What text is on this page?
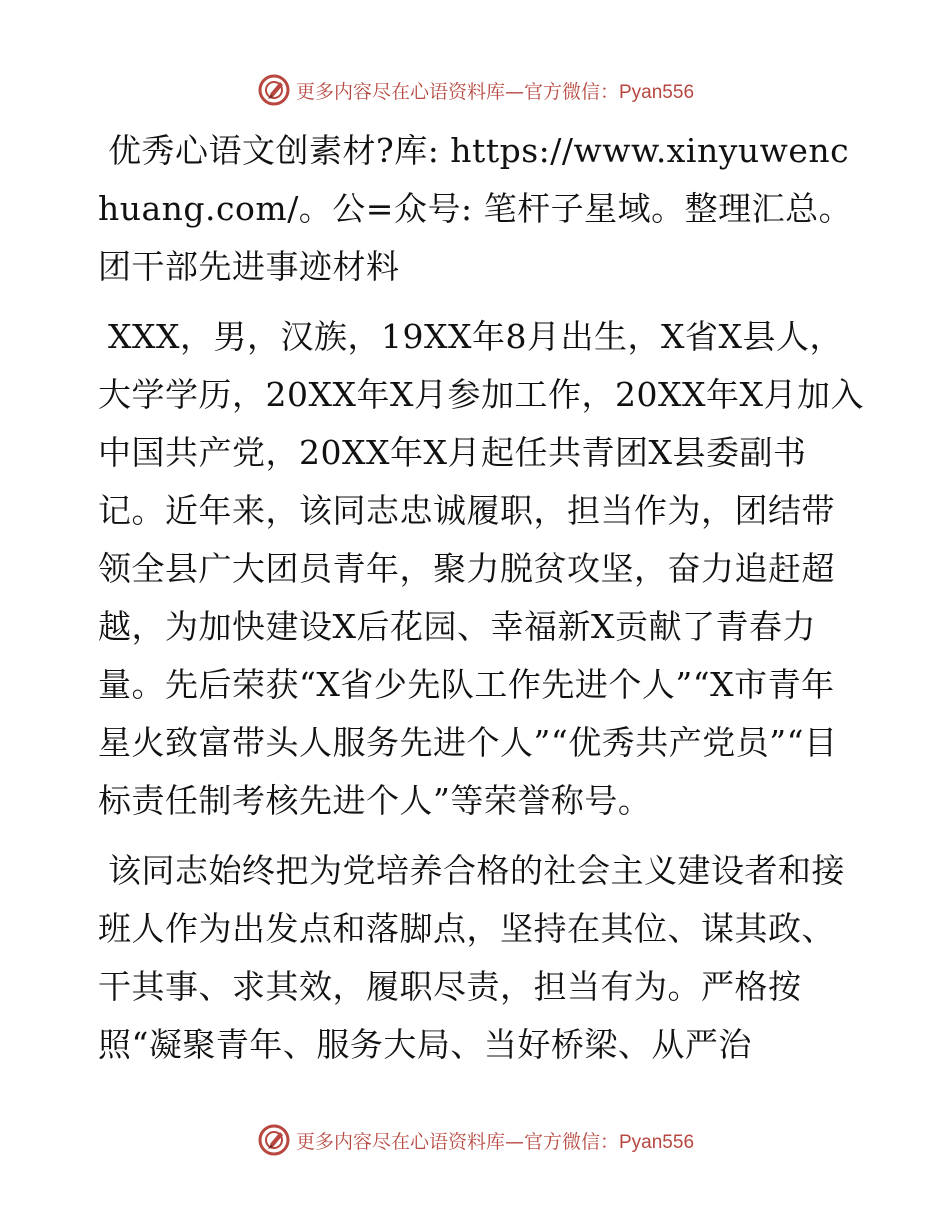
更多内容尽在心语资料库—官方微信：Pyan556

优秀心语文创素材?库: https://www.xinyuwenchuang.com/。公=众号: 笔杆子星域。整理汇总。团干部先进事迹材料

XXX，男，汉族，19XX年8月出生，X省X县人，大学学历，20XX年X月参加工作，20XX年X月加入中国共产党，20XX年X月起任共青团X县委副书记。近年来，该同志忠诚履职，担当作为，团结带领全县广大团员青年，聚力脱贫攻坚，奋力追赶超越，为加快建设X后花园、幸福新X贡献了青春力量。先后荣获“X省少先队工作先进个人”“X市青年星火致富带头人服务先进个人”“优秀共产党员”“目标责任制考核先进个人”等荣誉称号。

该同志始终把为党培养合格的社会主义建设者和接班人作为出发点和落脚点，坚持在其位、谋其政、干其事、求其效，履职尽责，担当有为。严格按照“凝聚青年、服务大局、当好桥梁、从严治

更多内容尽在心语资料库—官方微信：Pyan556
